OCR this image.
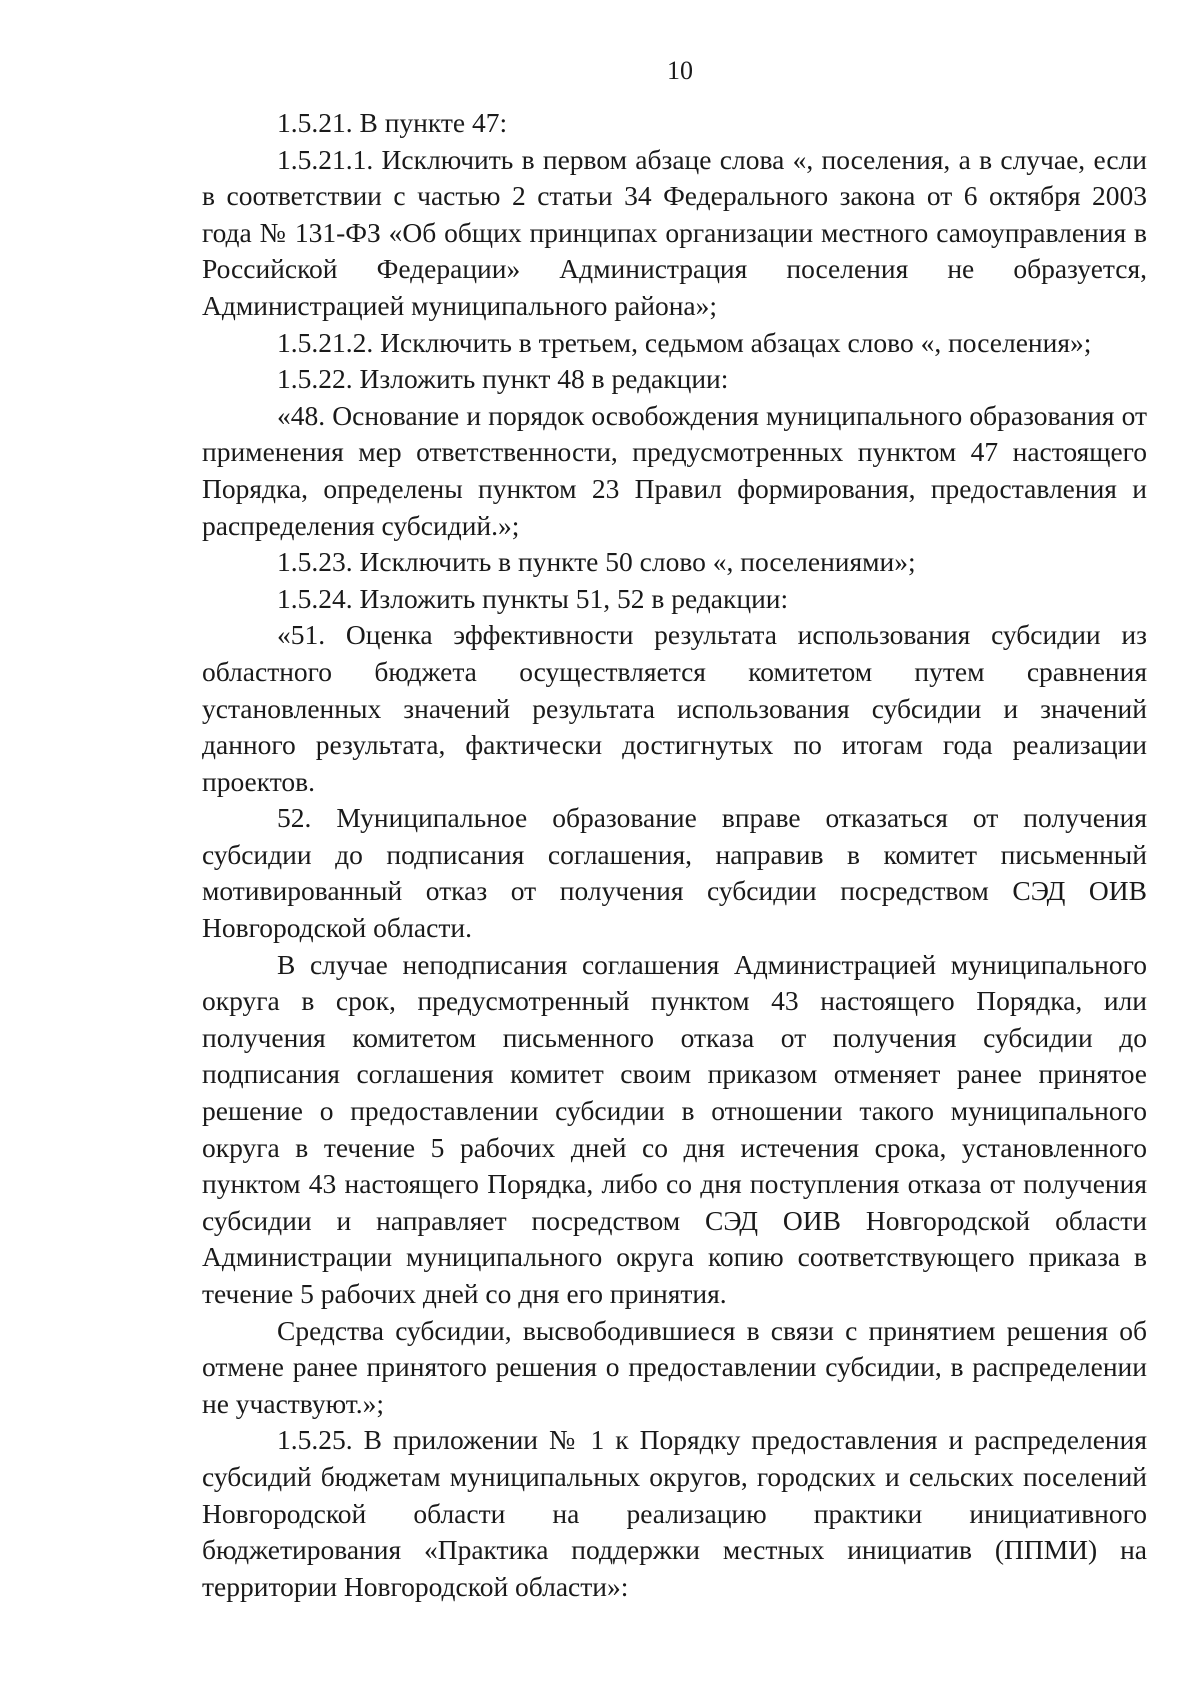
10

1.5.21. В пункте 47:

1.5.21.1. Исключить в первом абзаце слова «, поселения, а в случае, если в соответствии с частью 2 статьи 34 Федерального закона от 6 октября 2003 года № 131-ФЗ «Об общих принципах организации местного самоуправления в Российской Федерации» Администрация поселения не образуется, Администрацией муниципального района»;

1.5.21.2. Исключить в третьем, седьмом абзацах слово «, поселения»;

1.5.22. Изложить пункт 48 в редакции:

«48. Основание и порядок освобождения муниципального образования от применения мер ответственности, предусмотренных пунктом 47 настоящего Порядка, определены пунктом 23 Правил формирования, предоставления и распределения субсидий.»;

1.5.23. Исключить в пункте 50 слово «, поселениями»;

1.5.24. Изложить пункты 51, 52 в редакции:

«51. Оценка эффективности результата использования субсидии из областного бюджета осуществляется комитетом путем сравнения установленных значений результата использования субсидии и значений данного результата, фактически достигнутых по итогам года реализации проектов.

52. Муниципальное образование вправе отказаться от получения субсидии до подписания соглашения, направив в комитет письменный мотивированный отказ от получения субсидии посредством СЭД ОИВ Новгородской области.

В случае неподписания соглашения Администрацией муниципального округа в срок, предусмотренный пунктом 43 настоящего Порядка, или получения комитетом письменного отказа от получения субсидии до подписания соглашения комитет своим приказом отменяет ранее принятое решение о предоставлении субсидии в отношении такого муниципального округа в течение 5 рабочих дней со дня истечения срока, установленного пунктом 43 настоящего Порядка, либо со дня поступления отказа от получения субсидии и направляет посредством СЭД ОИВ Новгородской области Администрации муниципального округа копию соответствующего приказа в течение 5 рабочих дней со дня его принятия.

Средства субсидии, высвободившиеся в связи с принятием решения об отмене ранее принятого решения о предоставлении субсидии, в распределении не участвуют.»;

1.5.25. В приложении № 1 к Порядку предоставления и распределения субсидий бюджетам муниципальных округов, городских и сельских поселений Новгородской области на реализацию практики инициативного бюджетирования «Практика поддержки местных инициатив (ППМИ) на территории Новгородской области»:
